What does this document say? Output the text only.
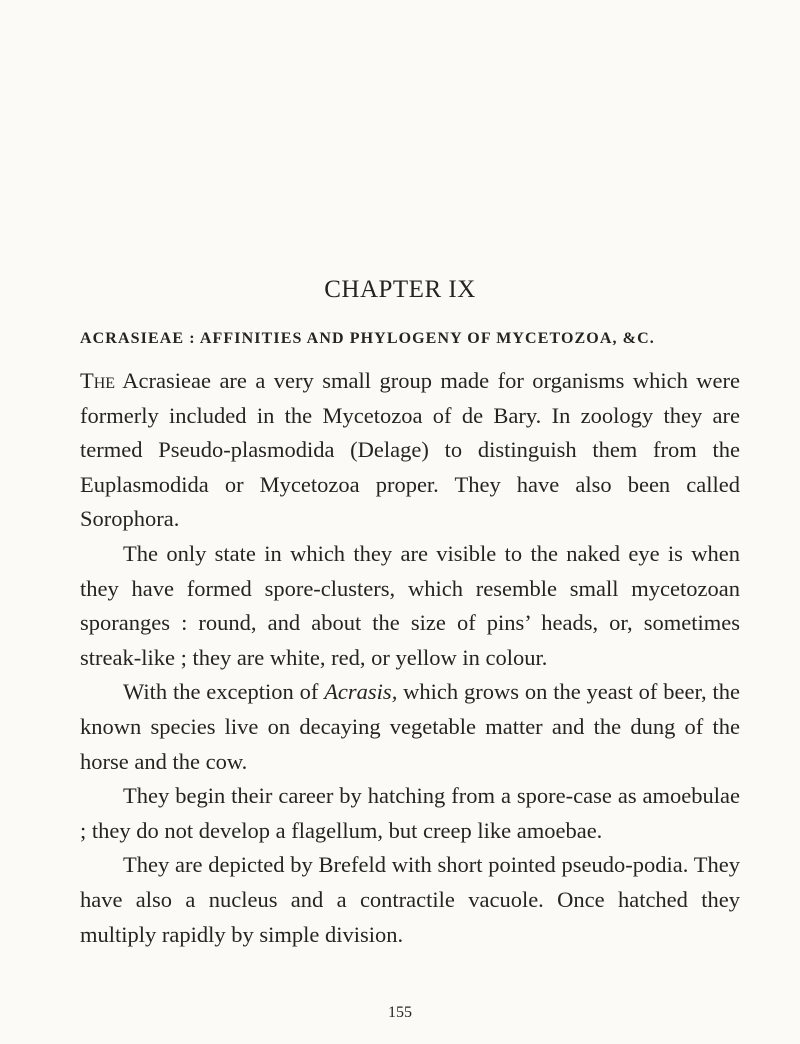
CHAPTER IX
ACRASIEAE : AFFINITIES AND PHYLOGENY OF MYCETOZOA, &C.

The Acrasieae are a very small group made for organisms which were formerly included in the Mycetozoa of de Bary. In zoology they are termed Pseudo-plasmodida (Delage) to distinguish them from the Euplasmodida or Mycetozoa proper. They have also been called Sorophora.

The only state in which they are visible to the naked eye is when they have formed spore-clusters, which resemble small mycetozoan sporanges : round, and about the size of pins’ heads, or, sometimes streak-like ; they are white, red, or yellow in colour.

With the exception of Acrasis, which grows on the yeast of beer, the known species live on decaying vegetable matter and the dung of the horse and the cow.

They begin their career by hatching from a spore-case as amoebulae ; they do not develop a flagellum, but creep like amoebae.

They are depicted by Brefeld with short pointed pseudo-podia. They have also a nucleus and a contractile vacuole. Once hatched they multiply rapidly by simple division.

155
